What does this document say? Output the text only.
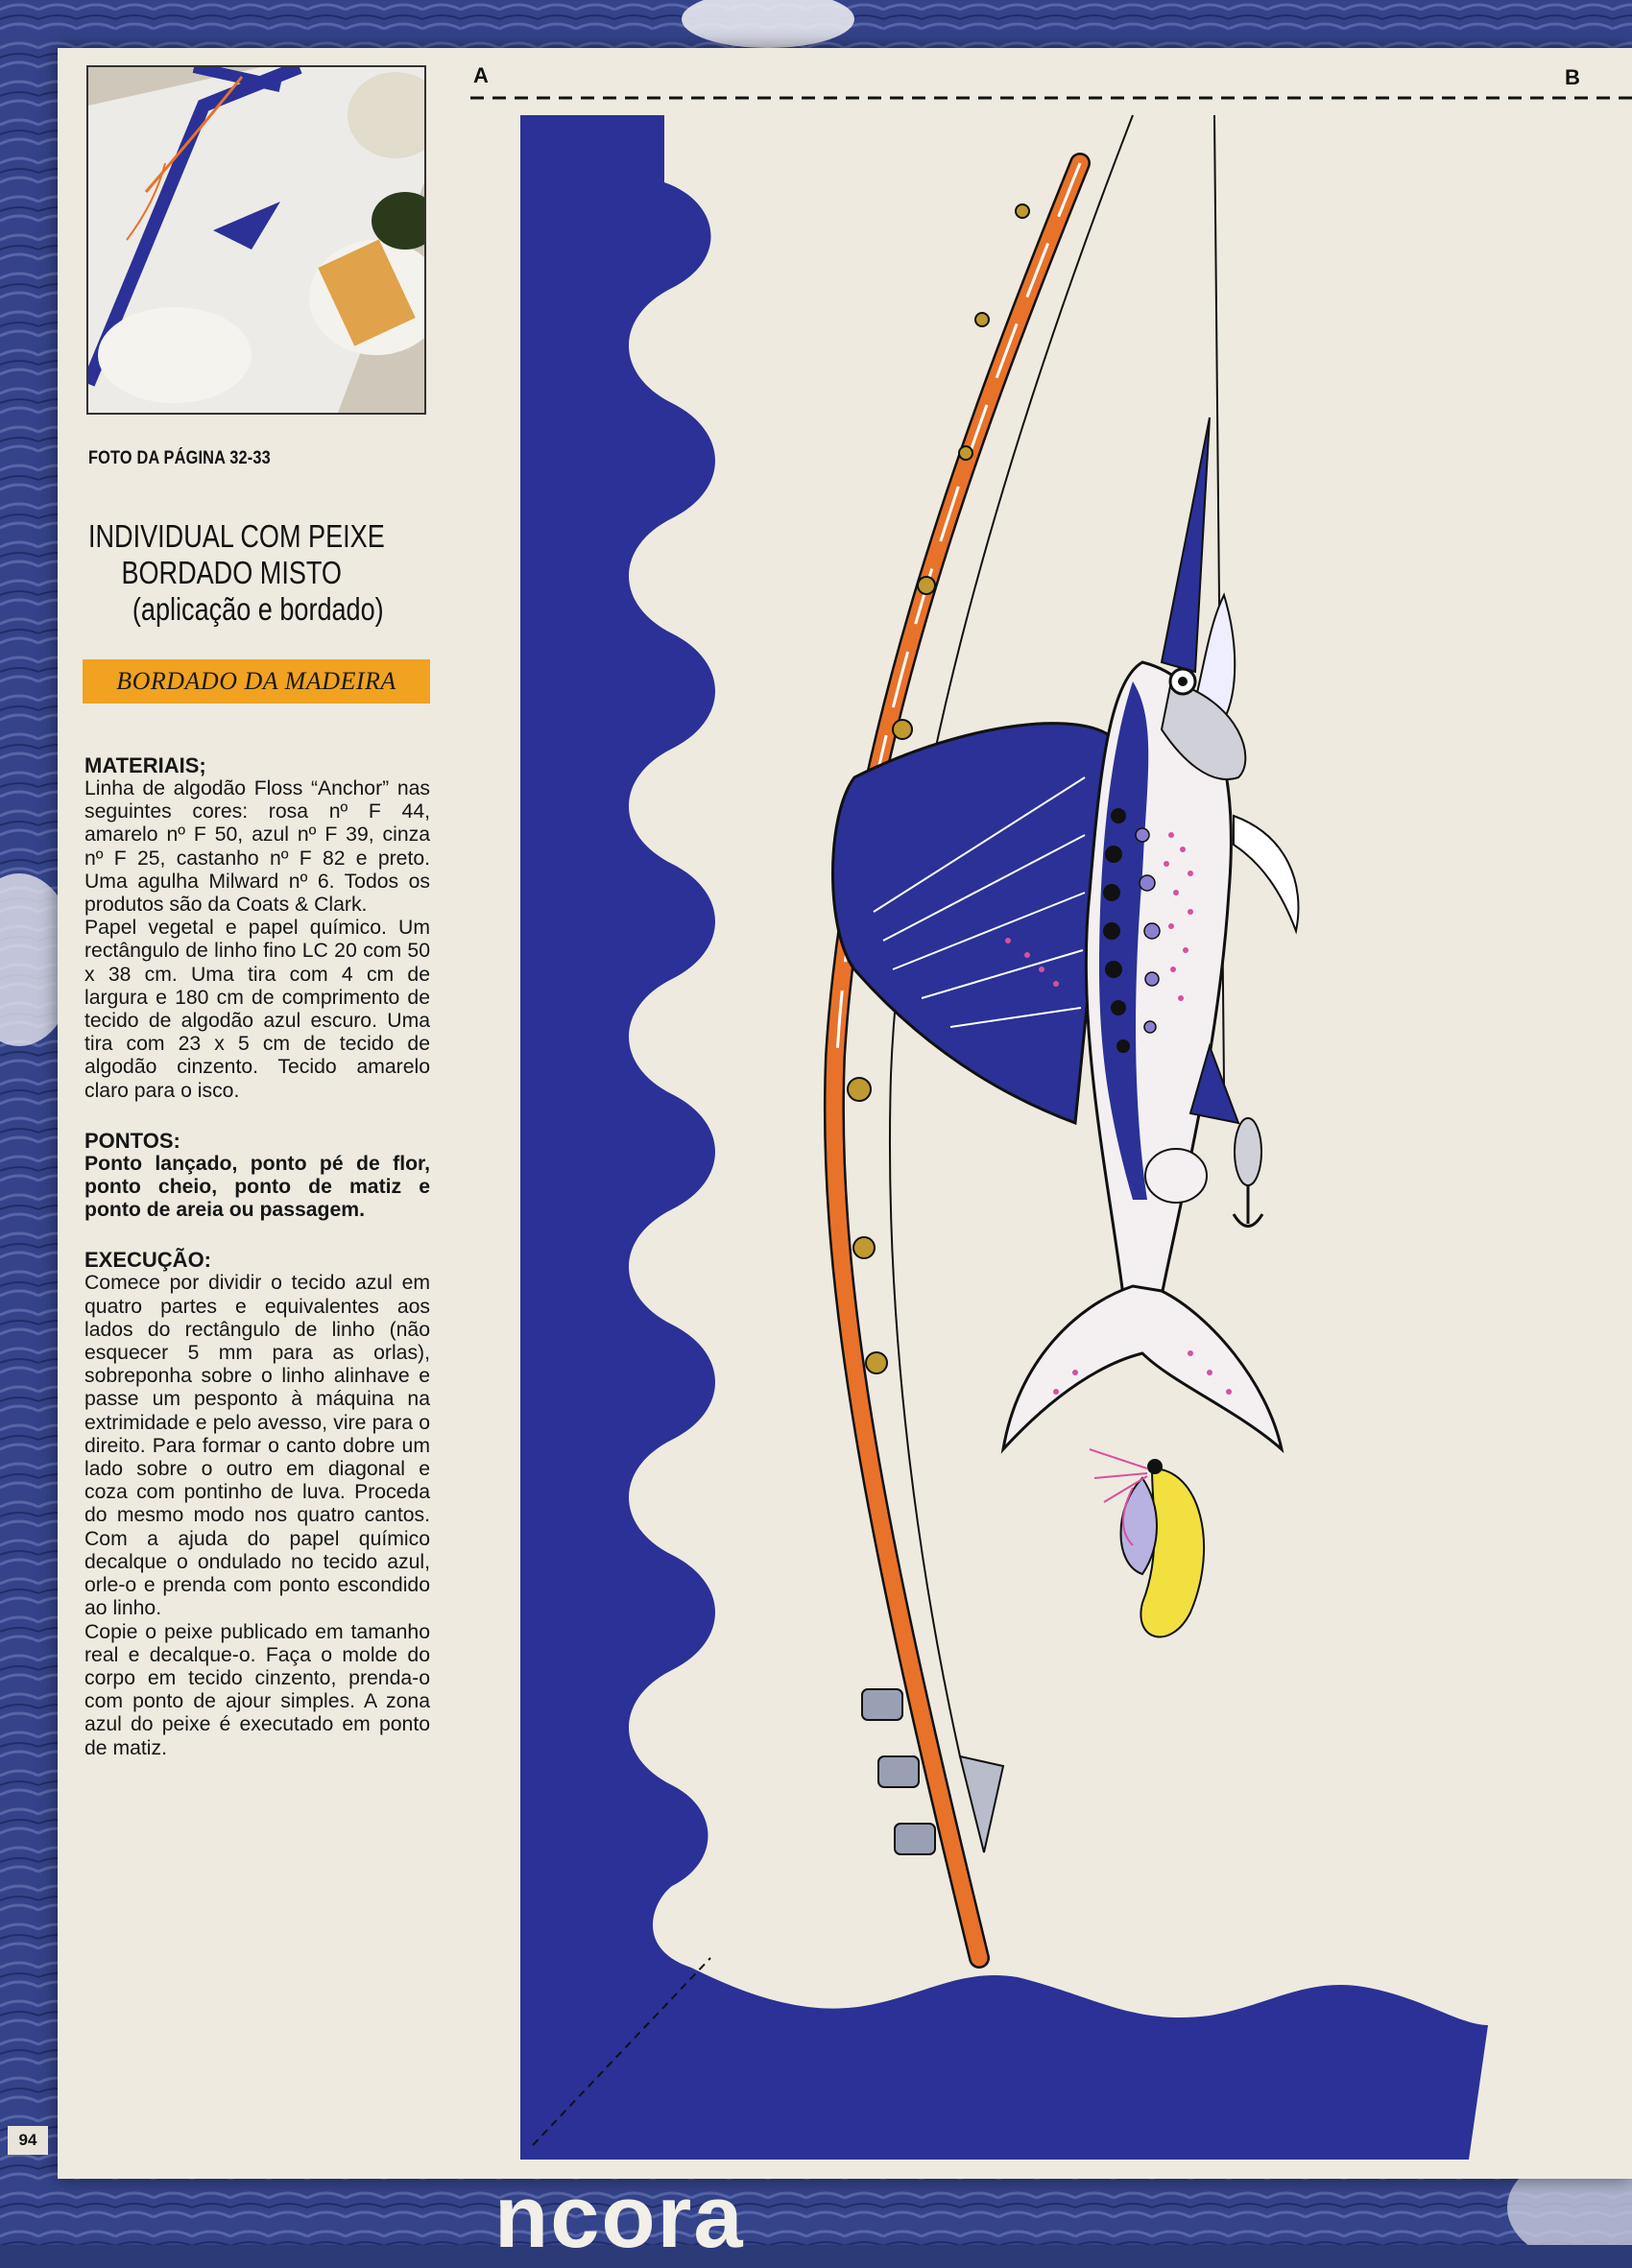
FOTO DA PÁGINA 32-33
INDIVIDUAL COM PEIXE
BORDADO MISTO
(aplicação e bordado)
BORDADO DA MADEIRA
MATERIAIS;

Linha de algodão Floss “Anchor” nas seguintes cores: rosa nº F 44, amarelo nº F 50, azul nº F 39, cinza nº F 25, castanho nº F 82 e preto. Uma agulha Milward nº 6. Todos os produtos são da Coats & Clark.

Papel vegetal e papel químico. Um rectângulo de linho fino LC 20 com 50 x 38 cm. Uma tira com 4 cm de largura e 180 cm de comprimento de tecido de algodão azul escuro. Uma tira com 23 x 5 cm de tecido de algodão cinzento. Tecido amarelo claro para o isco.

PONTOS:

Ponto lançado, ponto pé de flor, ponto cheio, ponto de matiz e ponto de areia ou passagem.

EXECUÇÃO:

Comece por dividir o tecido azul em quatro partes e equivalentes aos lados do rectângulo de linho (não esquecer 5 mm para as orlas), sobreponha sobre o linho alinhave e passe um pesponto à máquina na extrimidade e pelo avesso, vire para o direito. Para formar o canto dobre um lado sobre o outro em diagonal e coza com pontinho de luva. Proceda do mesmo modo nos quatro cantos. Com a ajuda do papel químico decalque o ondulado no tecido azul, orle-o e prenda com ponto escondido ao linho.

Copie o peixe publicado em tamanho real e decalque-o. Faça o molde do corpo em tecido cinzento, prenda-o com ponto de ajour simples. A zona azul do peixe é executado em ponto de matiz.

94
A	B
ncora
